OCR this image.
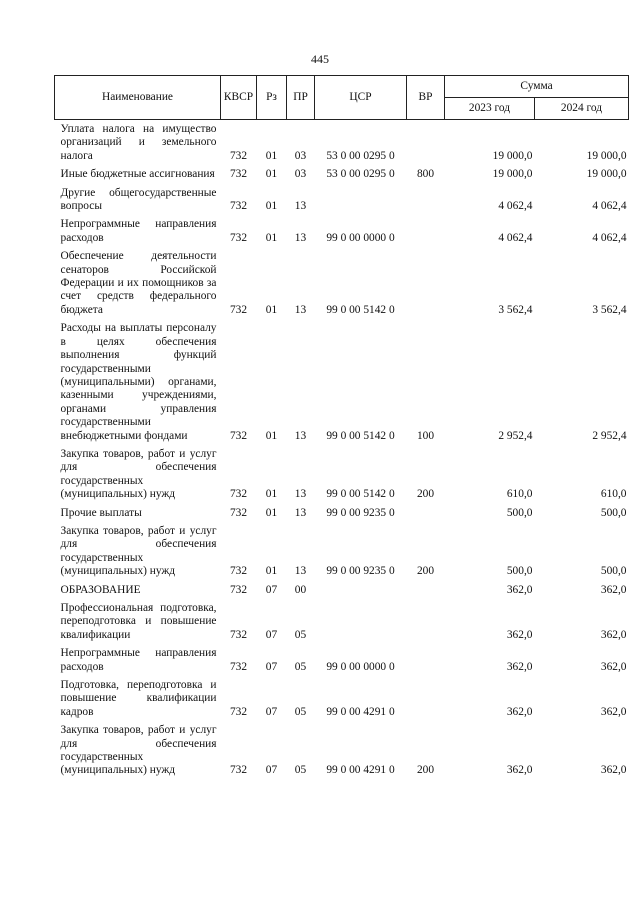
445
Наименование	КВСР	Рз	ПР	ЦСР	ВР	Сумма	
						2023 год	2024 год
Уплата налога на имущество организаций и земельного налога	732	01	03	53 0 00 0295 0		19 000,0	19 000,0
Иные бюджетные ассигнования	732	01	03	53 0 00 0295 0	800	19 000,0	19 000,0
Другие общегосударственные вопросы	732	01	13			4 062,4	4 062,4
Непрограммные направления расходов	732	01	13	99 0 00 0000 0		4 062,4	4 062,4
Обеспечение деятельности сенаторов Российской Федерации и их помощников за счет средств федерального бюджета	732	01	13	99 0 00 5142 0		3 562,4	3 562,4
Расходы на выплаты персоналу в целях обеспечения выполнения функций государственными (муниципальными) органами, казенными учреждениями, органами управления государственными внебюджетными фондами	732	01	13	99 0 00 5142 0	100	2 952,4	2 952,4
Закупка товаров, работ и услуг для обеспечения государственных (муниципальных) нужд	732	01	13	99 0 00 5142 0	200	610,0	610,0
Прочие выплаты	732	01	13	99 0 00 9235 0		500,0	500,0
Закупка товаров, работ и услуг для обеспечения государственных (муниципальных) нужд	732	01	13	99 0 00 9235 0	200	500,0	500,0
ОБРАЗОВАНИЕ	732	07	00			362,0	362,0
Профессиональная подготовка, переподготовка и повышение квалификации	732	07	05			362,0	362,0
Непрограммные направления расходов	732	07	05	99 0 00 0000 0		362,0	362,0
Подготовка, переподготовка и повышение квалификации кадров	732	07	05	99 0 00 4291 0		362,0	362,0
Закупка товаров, работ и услуг для обеспечения государственных (муниципальных) нужд	732	07	05	99 0 00 4291 0	200	362,0	362,0
